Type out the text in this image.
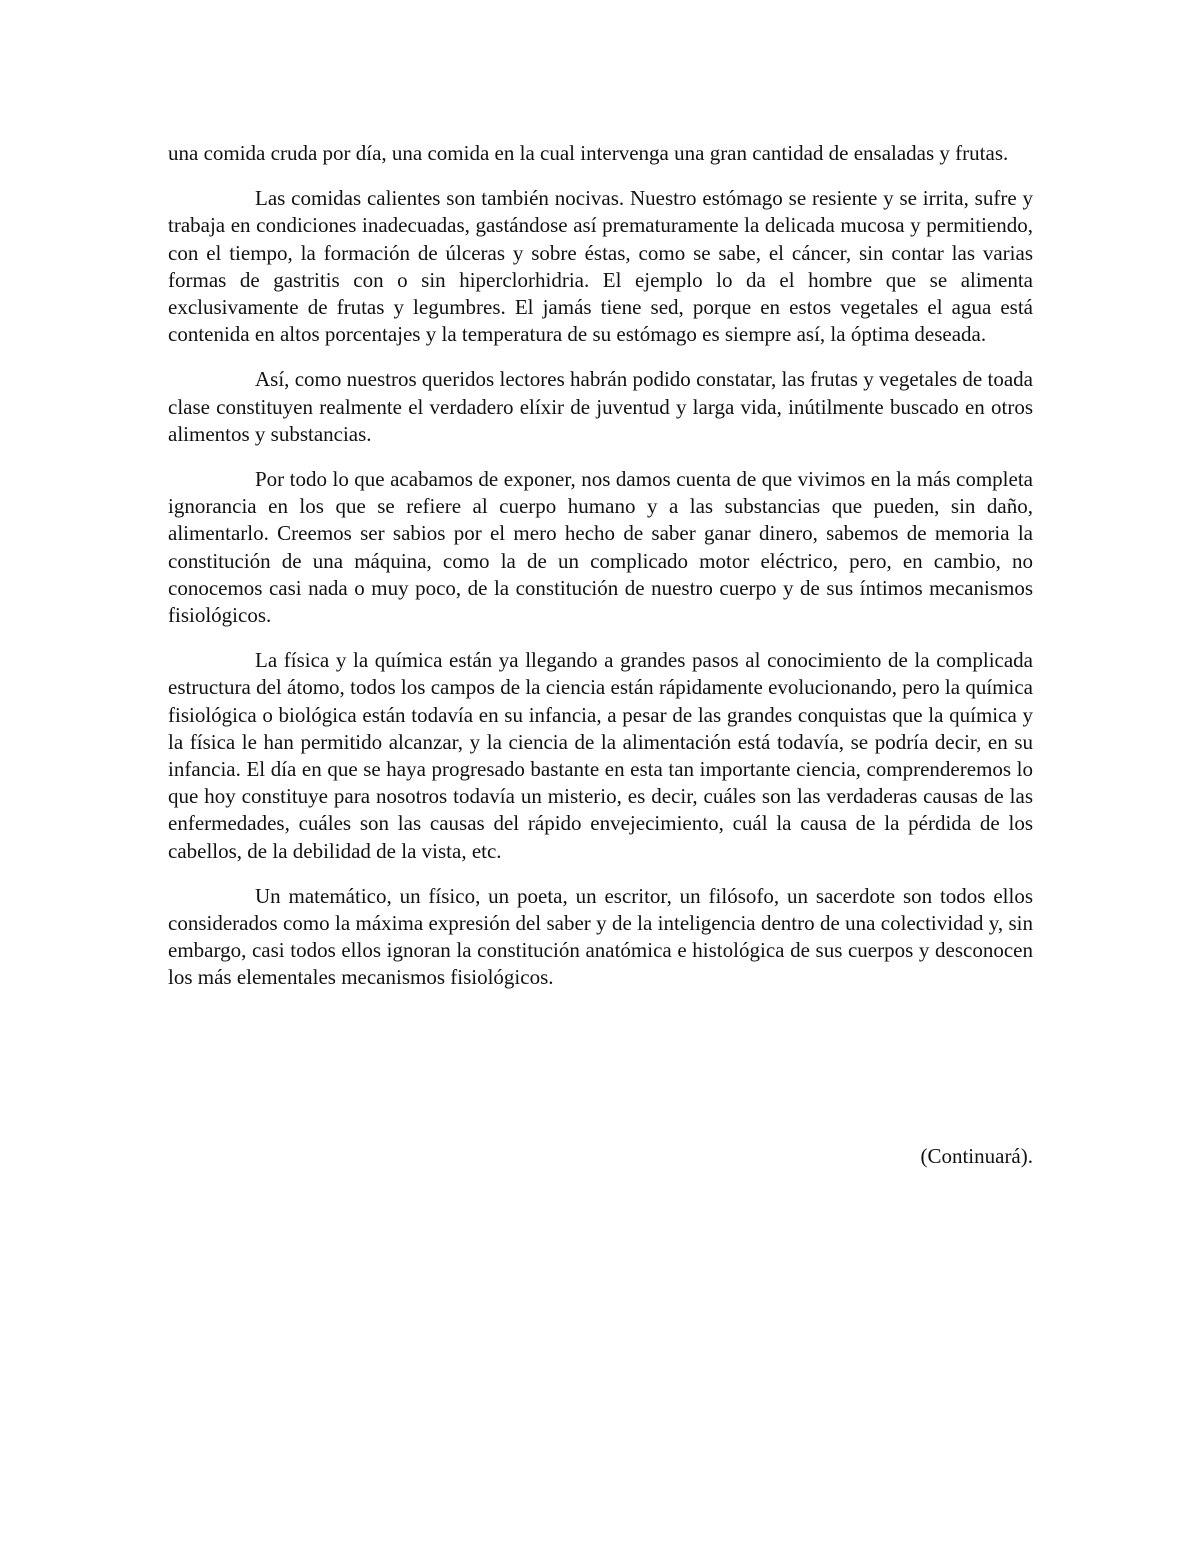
una comida cruda por día, una comida en la cual intervenga una gran cantidad de ensaladas y frutas.

Las comidas calientes son también nocivas. Nuestro estómago se resiente y se irrita, sufre y trabaja en condiciones inadecuadas, gastándose así prematuramente la delicada mucosa y permitiendo, con el tiempo, la formación de úlceras y sobre éstas, como se sabe, el cáncer, sin contar las varias formas de gastritis con o sin hiperclorhidria. El ejemplo lo da el hombre que se alimenta exclusivamente de frutas y legumbres. El jamás tiene sed, porque en estos vegetales el agua está contenida en altos porcentajes y la temperatura de su estómago es siempre así, la óptima deseada.

Así, como nuestros queridos lectores habrán podido constatar, las frutas y vegetales de toada clase constituyen realmente el verdadero elíxir de juventud y larga vida, inútilmente buscado en otros alimentos y substancias.

Por todo lo que acabamos de exponer, nos damos cuenta de que vivimos en la más completa ignorancia en los que se refiere al cuerpo humano y a las substancias que pueden, sin daño, alimentarlo. Creemos ser sabios por el mero hecho de saber ganar dinero, sabemos de memoria la constitución de una máquina, como la de un complicado motor eléctrico, pero, en cambio, no conocemos casi nada o muy poco, de la constitución de nuestro cuerpo y de sus íntimos mecanismos fisiológicos.

La física y la química están ya llegando a grandes pasos al conocimiento de la complicada estructura del átomo, todos los campos de la ciencia están rápidamente evolucionando, pero la química fisiológica o biológica están todavía en su infancia, a pesar de las grandes conquistas que la química y la física le han permitido alcanzar, y la ciencia de la alimentación está todavía, se podría decir, en su infancia. El día en que se haya progresado bastante en esta tan importante ciencia, comprenderemos lo que hoy constituye para nosotros todavía un misterio, es decir, cuáles son las verdaderas causas de las enfermedades, cuáles son las causas del rápido envejecimiento, cuál la causa de la pérdida de los cabellos, de la debilidad de la vista, etc.

Un matemático, un físico, un poeta, un escritor, un filósofo, un sacerdote son todos ellos considerados como la máxima expresión del saber y de la inteligencia dentro de una colectividad y, sin embargo, casi todos ellos ignoran la constitución anatómica e histológica de sus cuerpos y desconocen los más elementales mecanismos fisiológicos.

(Continuará).
